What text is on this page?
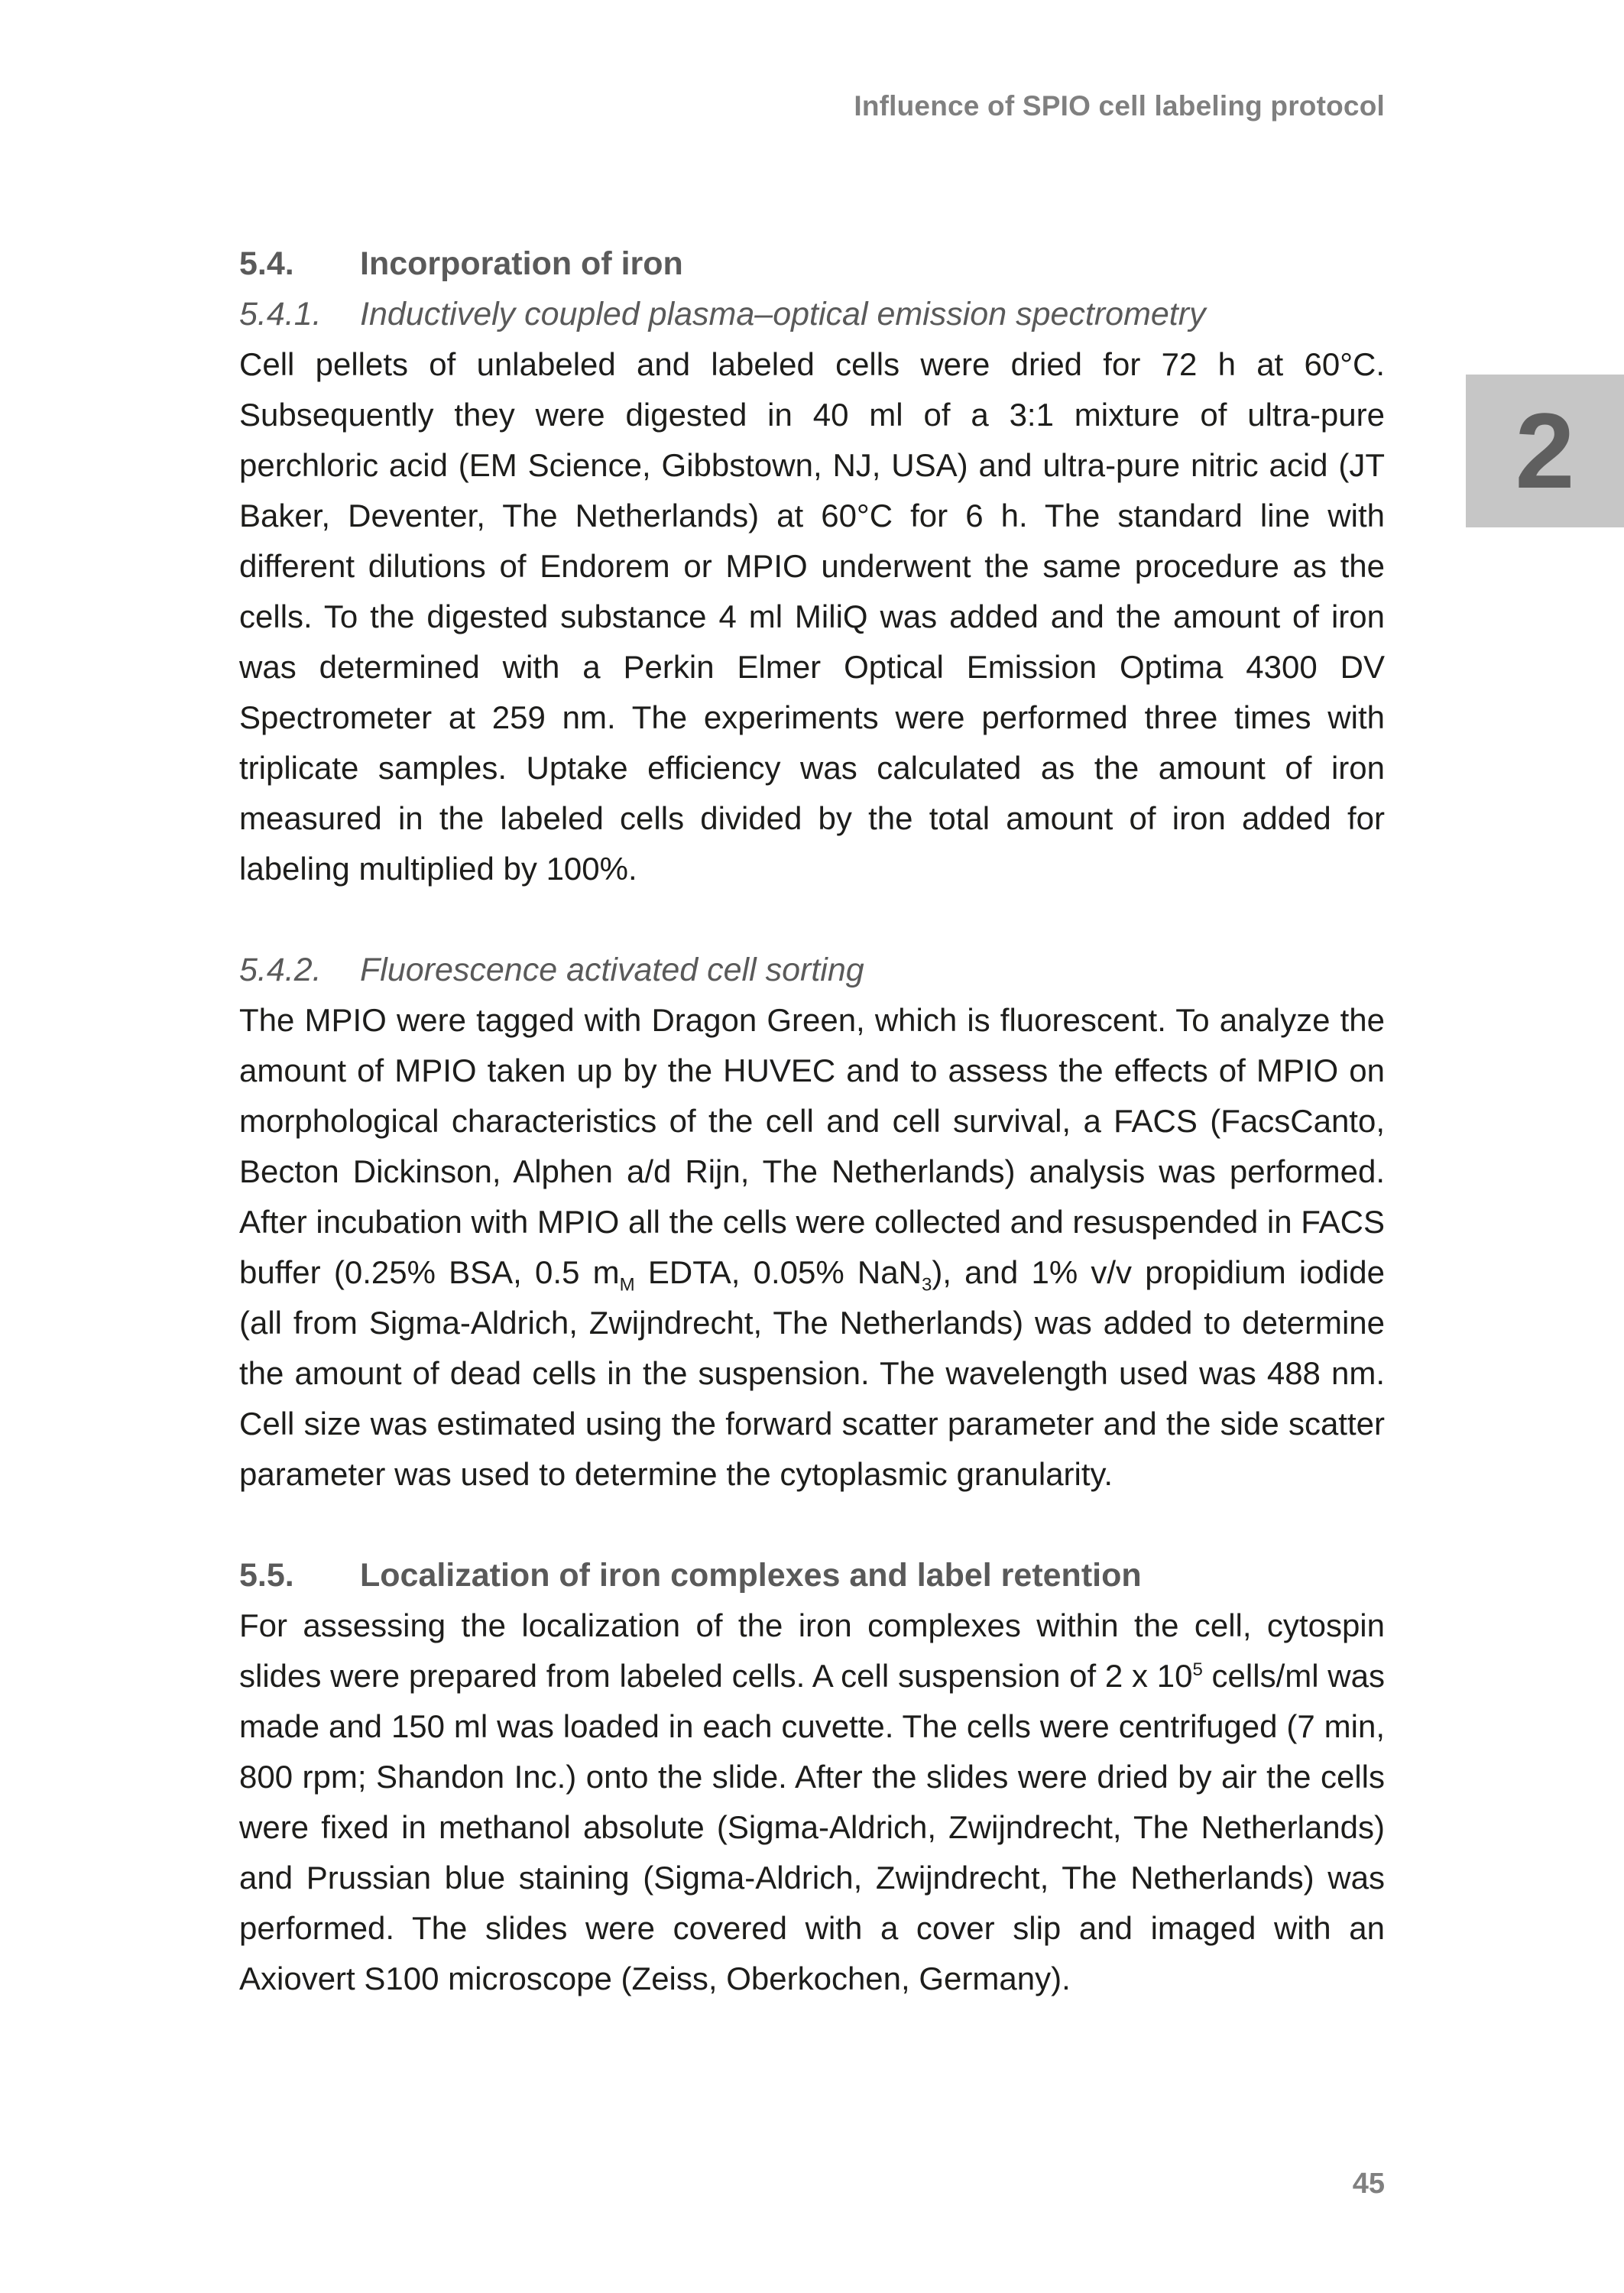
Influence of SPIO cell labeling protocol
2
5.4.	Incorporation of iron
5.4.1.	Inductively coupled plasma–optical emission spectrometry

Cell pellets of unlabeled and labeled cells were dried for 72 h at 60°C. Subsequently they were digested in 40 ml of a 3:1 mixture of ultra-pure perchloric acid (EM Science, Gibbstown, NJ, USA) and ultra-pure nitric acid (JT Baker, Deventer, The Netherlands) at 60°C for 6 h. The standard line with different dilutions of Endorem or MPIO underwent the same procedure as the cells. To the digested substance 4 ml MiliQ was added and the amount of iron was determined with a Perkin Elmer Optical Emission Optima 4300 DV Spectrometer at 259 nm. The experiments were performed three times with triplicate samples. Uptake efficiency was calculated as the amount of iron measured in the labeled cells divided by the total amount of iron added for labeling multiplied by 100%.

5.4.2.	Fluorescence activated cell sorting

The MPIO were tagged with Dragon Green, which is fluorescent. To analyze the amount of MPIO taken up by the HUVEC and to assess the effects of MPIO on morphological characteristics of the cell and cell survival, a FACS (FacsCanto, Becton Dickinson, Alphen a/d Rijn, The Netherlands) analysis was performed. After incubation with MPIO all the cells were collected and resuspended in FACS buffer (0.25% BSA, 0.5 $m_M$ EDTA, 0.05% NaN$_3$), and 1% v/v propidium iodide (all from Sigma-Aldrich, Zwijndrecht, The Netherlands) was added to determine the amount of dead cells in the suspension. The wavelength used was 488 nm. Cell size was estimated using the forward scatter parameter and the side scatter parameter was used to determine the cytoplasmic granularity.

5.5.	Localization of iron complexes and label retention

For assessing the localization of the iron complexes within the cell, cytospin slides were prepared from labeled cells. A cell suspension of 2 x $10^5$ cells/ml was made and 150 ml was loaded in each cuvette. The cells were centrifuged (7 min, 800 rpm; Shandon Inc.) onto the slide. After the slides were dried by air the cells were fixed in methanol absolute (Sigma-Aldrich, Zwijndrecht, The Netherlands) and Prussian blue staining (Sigma-Aldrich, Zwijndrecht, The Netherlands) was performed. The slides were covered with a cover slip and imaged with an Axiovert S100 microscope (Zeiss, Oberkochen, Germany).

45
